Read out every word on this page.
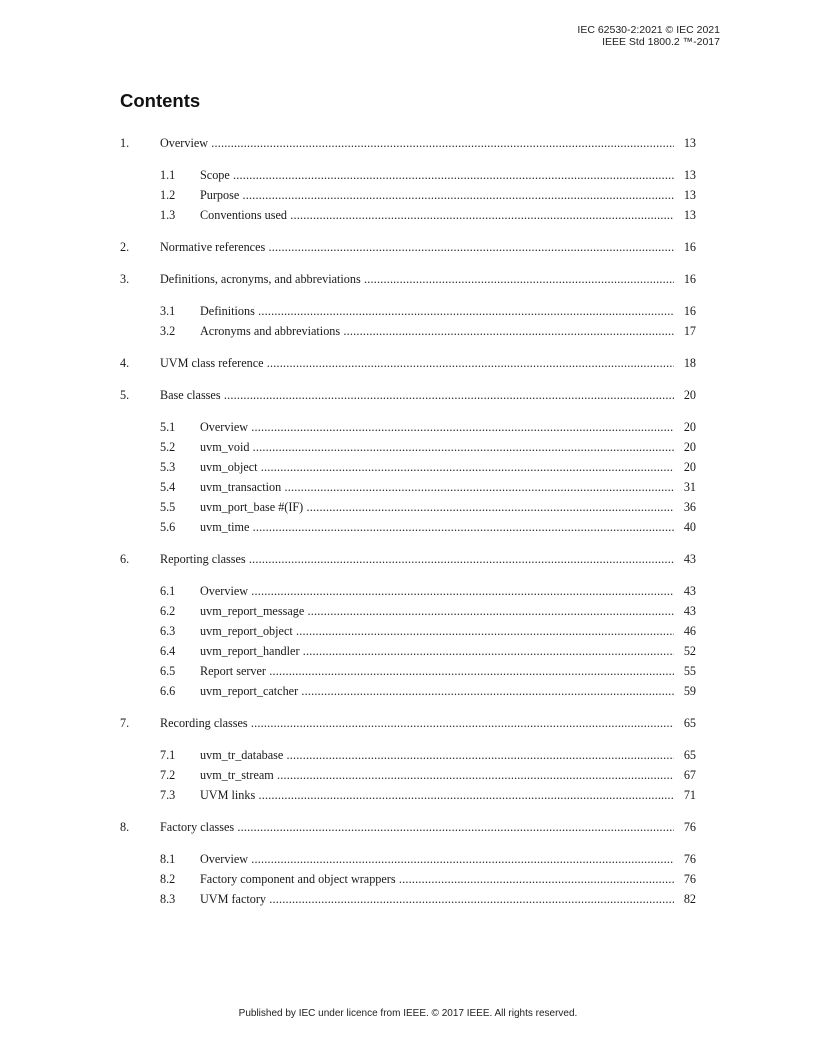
IEC 62530-2:2021 © IEC 2021
IEEE Std 1800.2 ™-2017
Contents
1.	Overview .....	13
1.1 Scope .....	13
1.2 Purpose .....	13
1.3 Conventions used .....	13
2.	Normative references .....	16
3.	Definitions, acronyms, and abbreviations .....	16
3.1 Definitions .....	16
3.2 Acronyms and abbreviations .....	17
4.	UVM class reference .....	18
5.	Base classes .....	20
5.1 Overview .....	20
5.2 uvm_void .....	20
5.3 uvm_object .....	20
5.4 uvm_transaction .....	31
5.5 uvm_port_base #(IF) .....	36
5.6 uvm_time .....	40
6.	Reporting classes .....	43
6.1 Overview .....	43
6.2 uvm_report_message .....	43
6.3 uvm_report_object .....	46
6.4 uvm_report_handler .....	52
6.5 Report server .....	55
6.6 uvm_report_catcher .....	59
7.	Recording classes .....	65
7.1 uvm_tr_database .....	65
7.2 uvm_tr_stream .....	67
7.3 UVM links .....	71
8.	Factory classes .....	76
8.1 Overview .....	76
8.2 Factory component and object wrappers .....	76
8.3 UVM factory .....	82
Published by IEC under licence from IEEE. © 2017 IEEE. All rights reserved.
